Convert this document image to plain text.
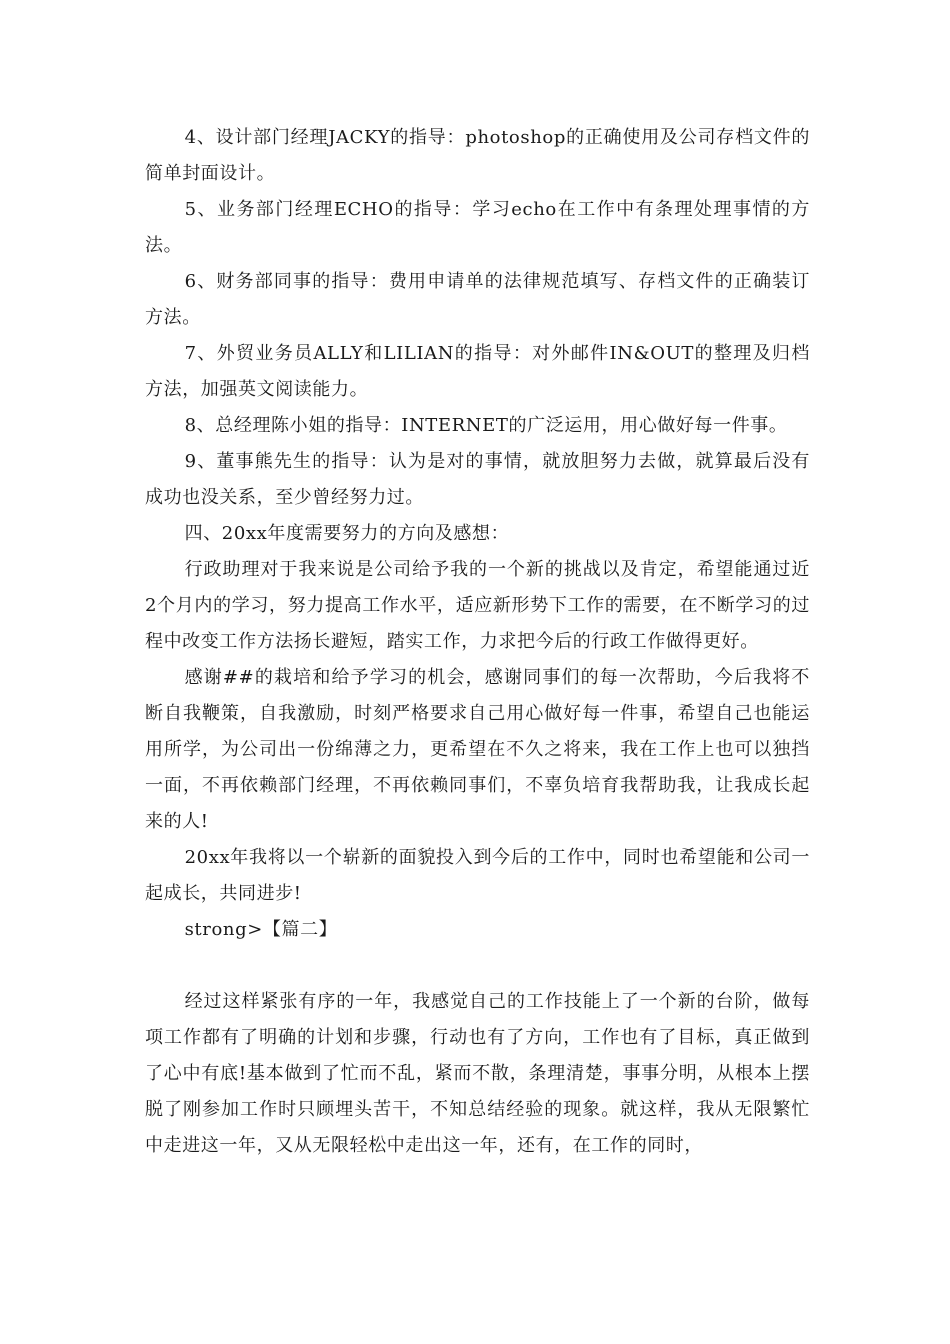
4、设计部门经理JACKY的指导：photoshop的正确使用及公司存档文件的简单封面设计。

5、业务部门经理ECHO的指导：学习echo在工作中有条理处理事情的方法。

6、财务部同事的指导：费用申请单的法律规范填写、存档文件的正确装订方法。

7、外贸业务员ALLY和LILIAN的指导：对外邮件IN&OUT的整理及归档方法，加强英文阅读能力。

8、总经理陈小姐的指导：INTERNET的广泛运用，用心做好每一件事。

9、董事熊先生的指导：认为是对的事情，就放胆努力去做，就算最后没有成功也没关系，至少曾经努力过。

四、20xx年度需要努力的方向及感想：

行政助理对于我来说是公司给予我的一个新的挑战以及肯定，希望能通过近2个月内的学习，努力提高工作水平，适应新形势下工作的需要，在不断学习的过程中改变工作方法扬长避短，踏实工作，力求把今后的行政工作做得更好。

感谢##的栽培和给予学习的机会，感谢同事们的每一次帮助，今后我将不断自我鞭策，自我激励，时刻严格要求自己用心做好每一件事，希望自己也能运用所学，为公司出一份绵薄之力，更希望在不久之将来，我在工作上也可以独挡一面，不再依赖部门经理，不再依赖同事们，不辜负培育我帮助我，让我成长起来的人!

20xx年我将以一个崭新的面貌投入到今后的工作中，同时也希望能和公司一起成长，共同进步!

strong>【篇二】

经过这样紧张有序的一年，我感觉自己的工作技能上了一个新的台阶，做每项工作都有了明确的计划和步骤，行动也有了方向，工作也有了目标，真正做到了心中有底!基本做到了忙而不乱，紧而不散，条理清楚，事事分明，从根本上摆脱了刚参加工作时只顾埋头苦干，不知总结经验的现象。就这样，我从无限繁忙中走进这一年，又从无限轻松中走出这一年，还有，在工作的同时，
